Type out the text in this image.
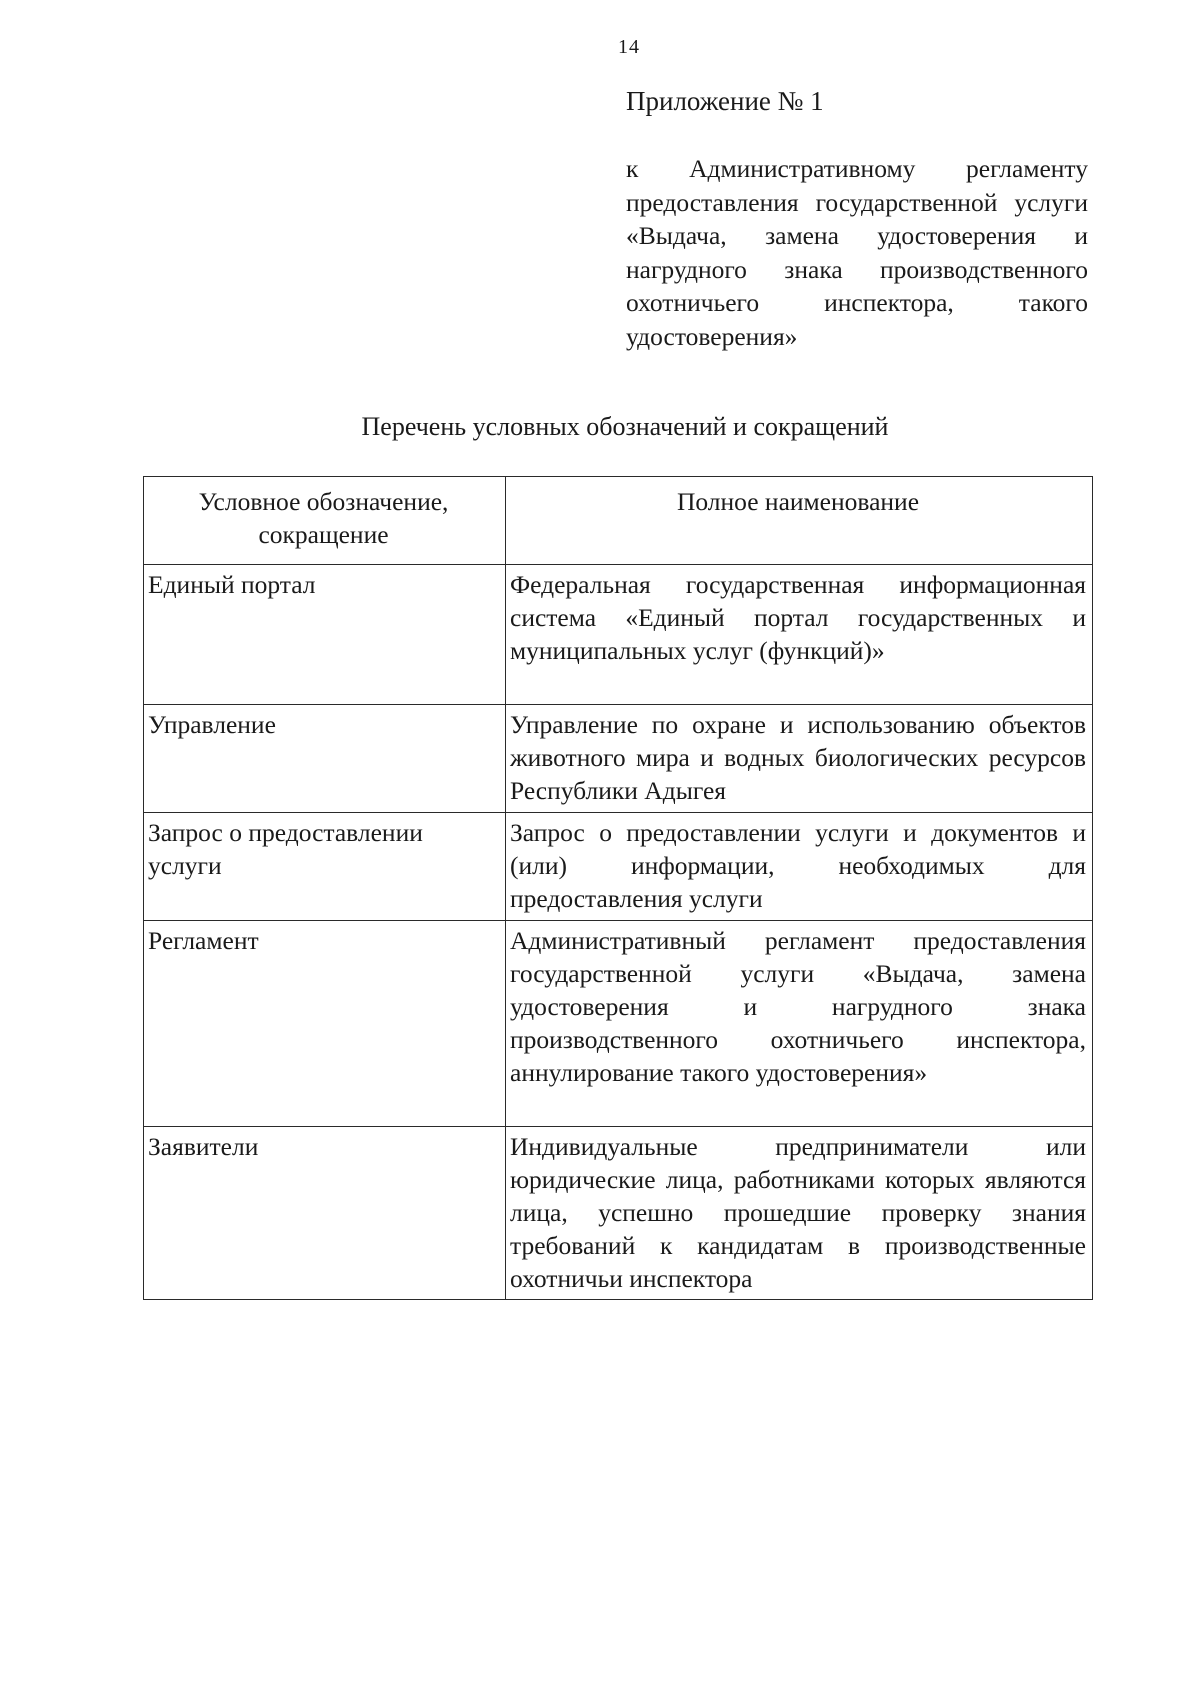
14
Приложение № 1
к Административному регламенту предоставления государственной услуги «Выдача, замена удостоверения и нагрудного знака производственного охотничьего инспектора, такого удостоверения»
Перечень условных обозначений и сокращений
Условное обозначение, сокращение	Полное наименование
Единый портал	Федеральная государственная информационная система «Единый портал государственных и муниципальных услуг (функций)»
Управление	Управление по охране и использованию объектов животного мира и водных биологических ресурсов Республики Адыгея
Запрос о предоставлении услуги	Запрос о предоставлении услуги и документов и (или) информации, необходимых для предоставления услуги
Регламент	Административный регламент предоставления государственной услуги «Выдача, замена удостоверения и нагрудного знака производственного охотничьего инспектора, аннулирование такого удостоверения»
Заявители	Индивидуальные предприниматели или юридические лица, работниками которых являются лица, успешно прошедшие проверку знания требований к кандидатам в производственные охотничьи инспектора
